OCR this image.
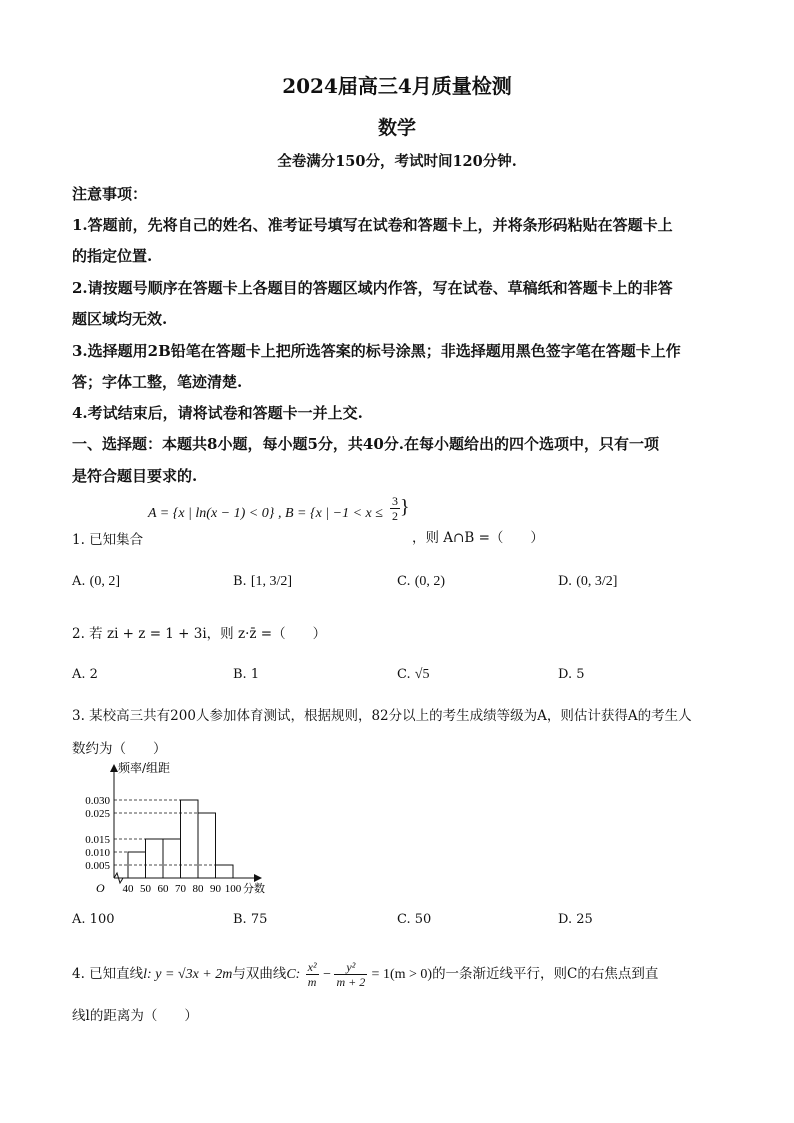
2024届高三4月质量检测
数学
全卷满分150分，考试时间120分钟.
注意事项：
1.答题前，先将自己的姓名、准考证号填写在试卷和答题卡上，并将条形码粘贴在答题卡上
的指定位置.
2.请按题号顺序在答题卡上各题目的答题区域内作答，写在试卷、草稿纸和答题卡上的非答
题区域均无效.
3.选择题用2B铅笔在答题卡上把所选答案的标号涂黑；非选择题用黑色签字笔在答题卡上作
答；字体工整，笔迹清楚.
4.考试结束后，请将试卷和答题卡一并上交.
一、选择题：本题共8小题，每小题5分，共40分.在每小题给出的四个选项中，只有一项
是符合题目要求的.
1. 已知集合
A = {x | ln(x − 1) < 0} , B = {x | $-1 < x \le \frac{3}{2}$ }
，则 A∩B =（　　）
A. (0, 2]	B. [1, 3/2]	C. (0, 2)	D. (0, 3/2]
2. 若 zi + z = 1 + 3i，则 z·z̄ =（　　）
A. 2	B. 1	C. √5	D. 5
3. 某校高三共有200人参加体育测试，根据规则，82分以上的考生成绩等级为A，则估计获得A的考生人
数约为（　　）
0.005
0.010
0.015
0.025
0.030
40 50 60 70 80 90 100 分数
频率/组距
O
A. 100	B. 75	C. 50	D. 25
4. 已知直线l: y = √3x + 2m与双曲线C: $\frac{\text{x²}}{m} - \frac{\text{y²}}{m + 2} = 1(m > 0)$的一条渐近线平行，则C的右焦点到直
线l的距离为（　　）
